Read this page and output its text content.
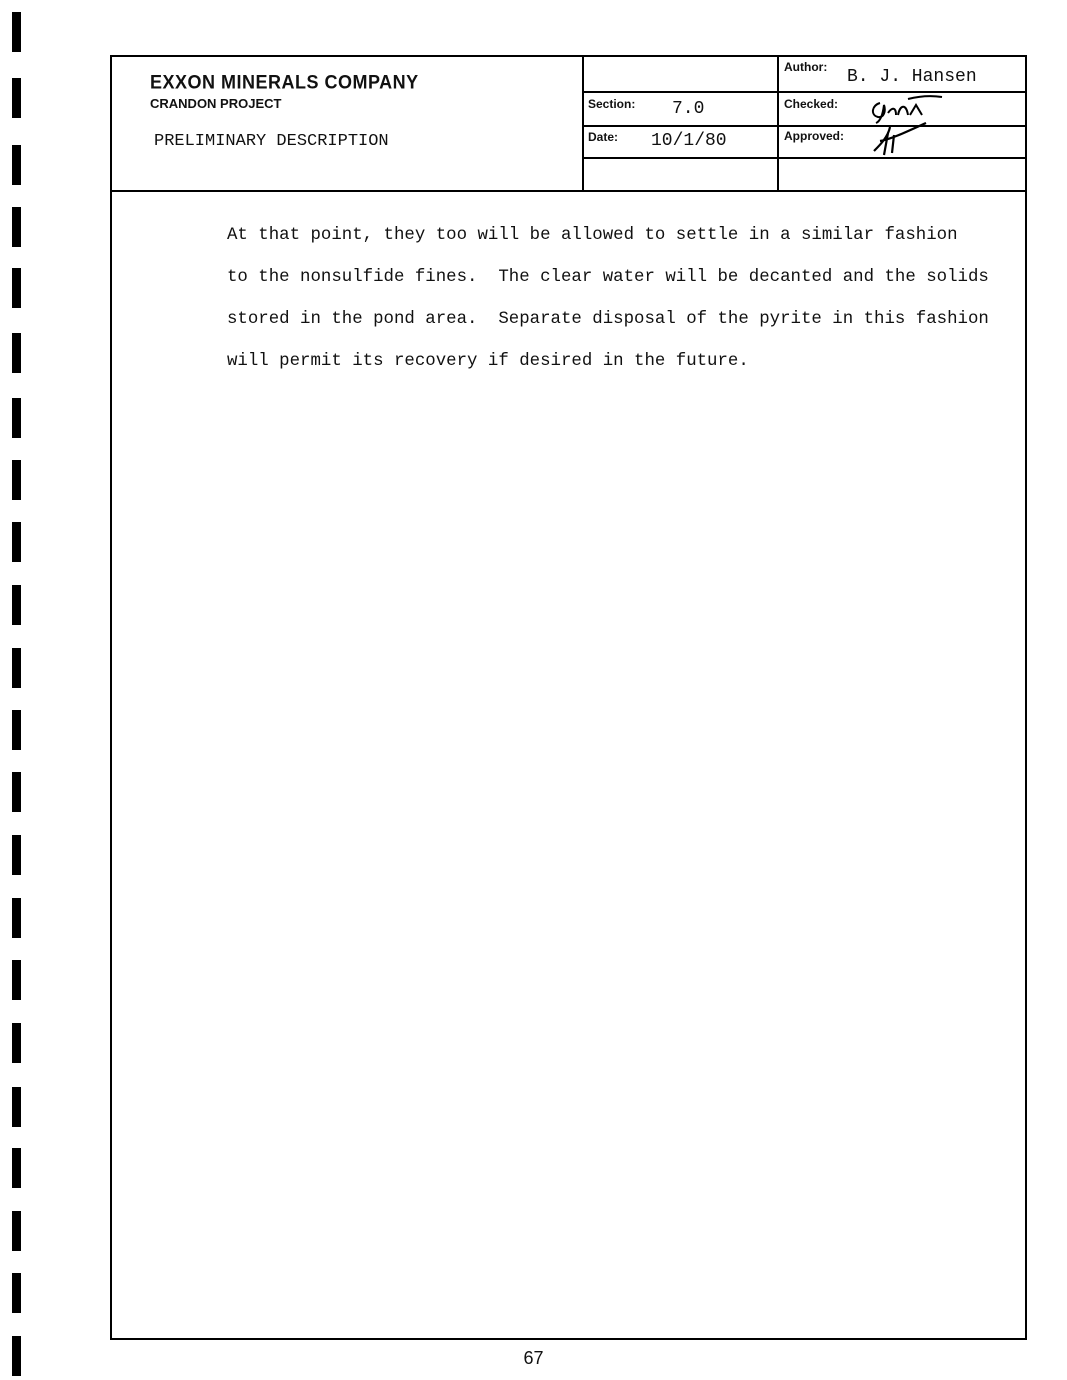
EXXON MINERALS COMPANY
CRANDON PROJECT
PRELIMINARY DESCRIPTION
Section: 7.0
Date: 10/1/80
Author: B. J. Hansen
Checked:
Approved:

At that point, they too will be allowed to settle in a similar fashion

to the nonsulfide fines.  The clear water will be decanted and the solids

stored in the pond area.  Separate disposal of the pyrite in this fashion

will permit its recovery if desired in the future.

67
